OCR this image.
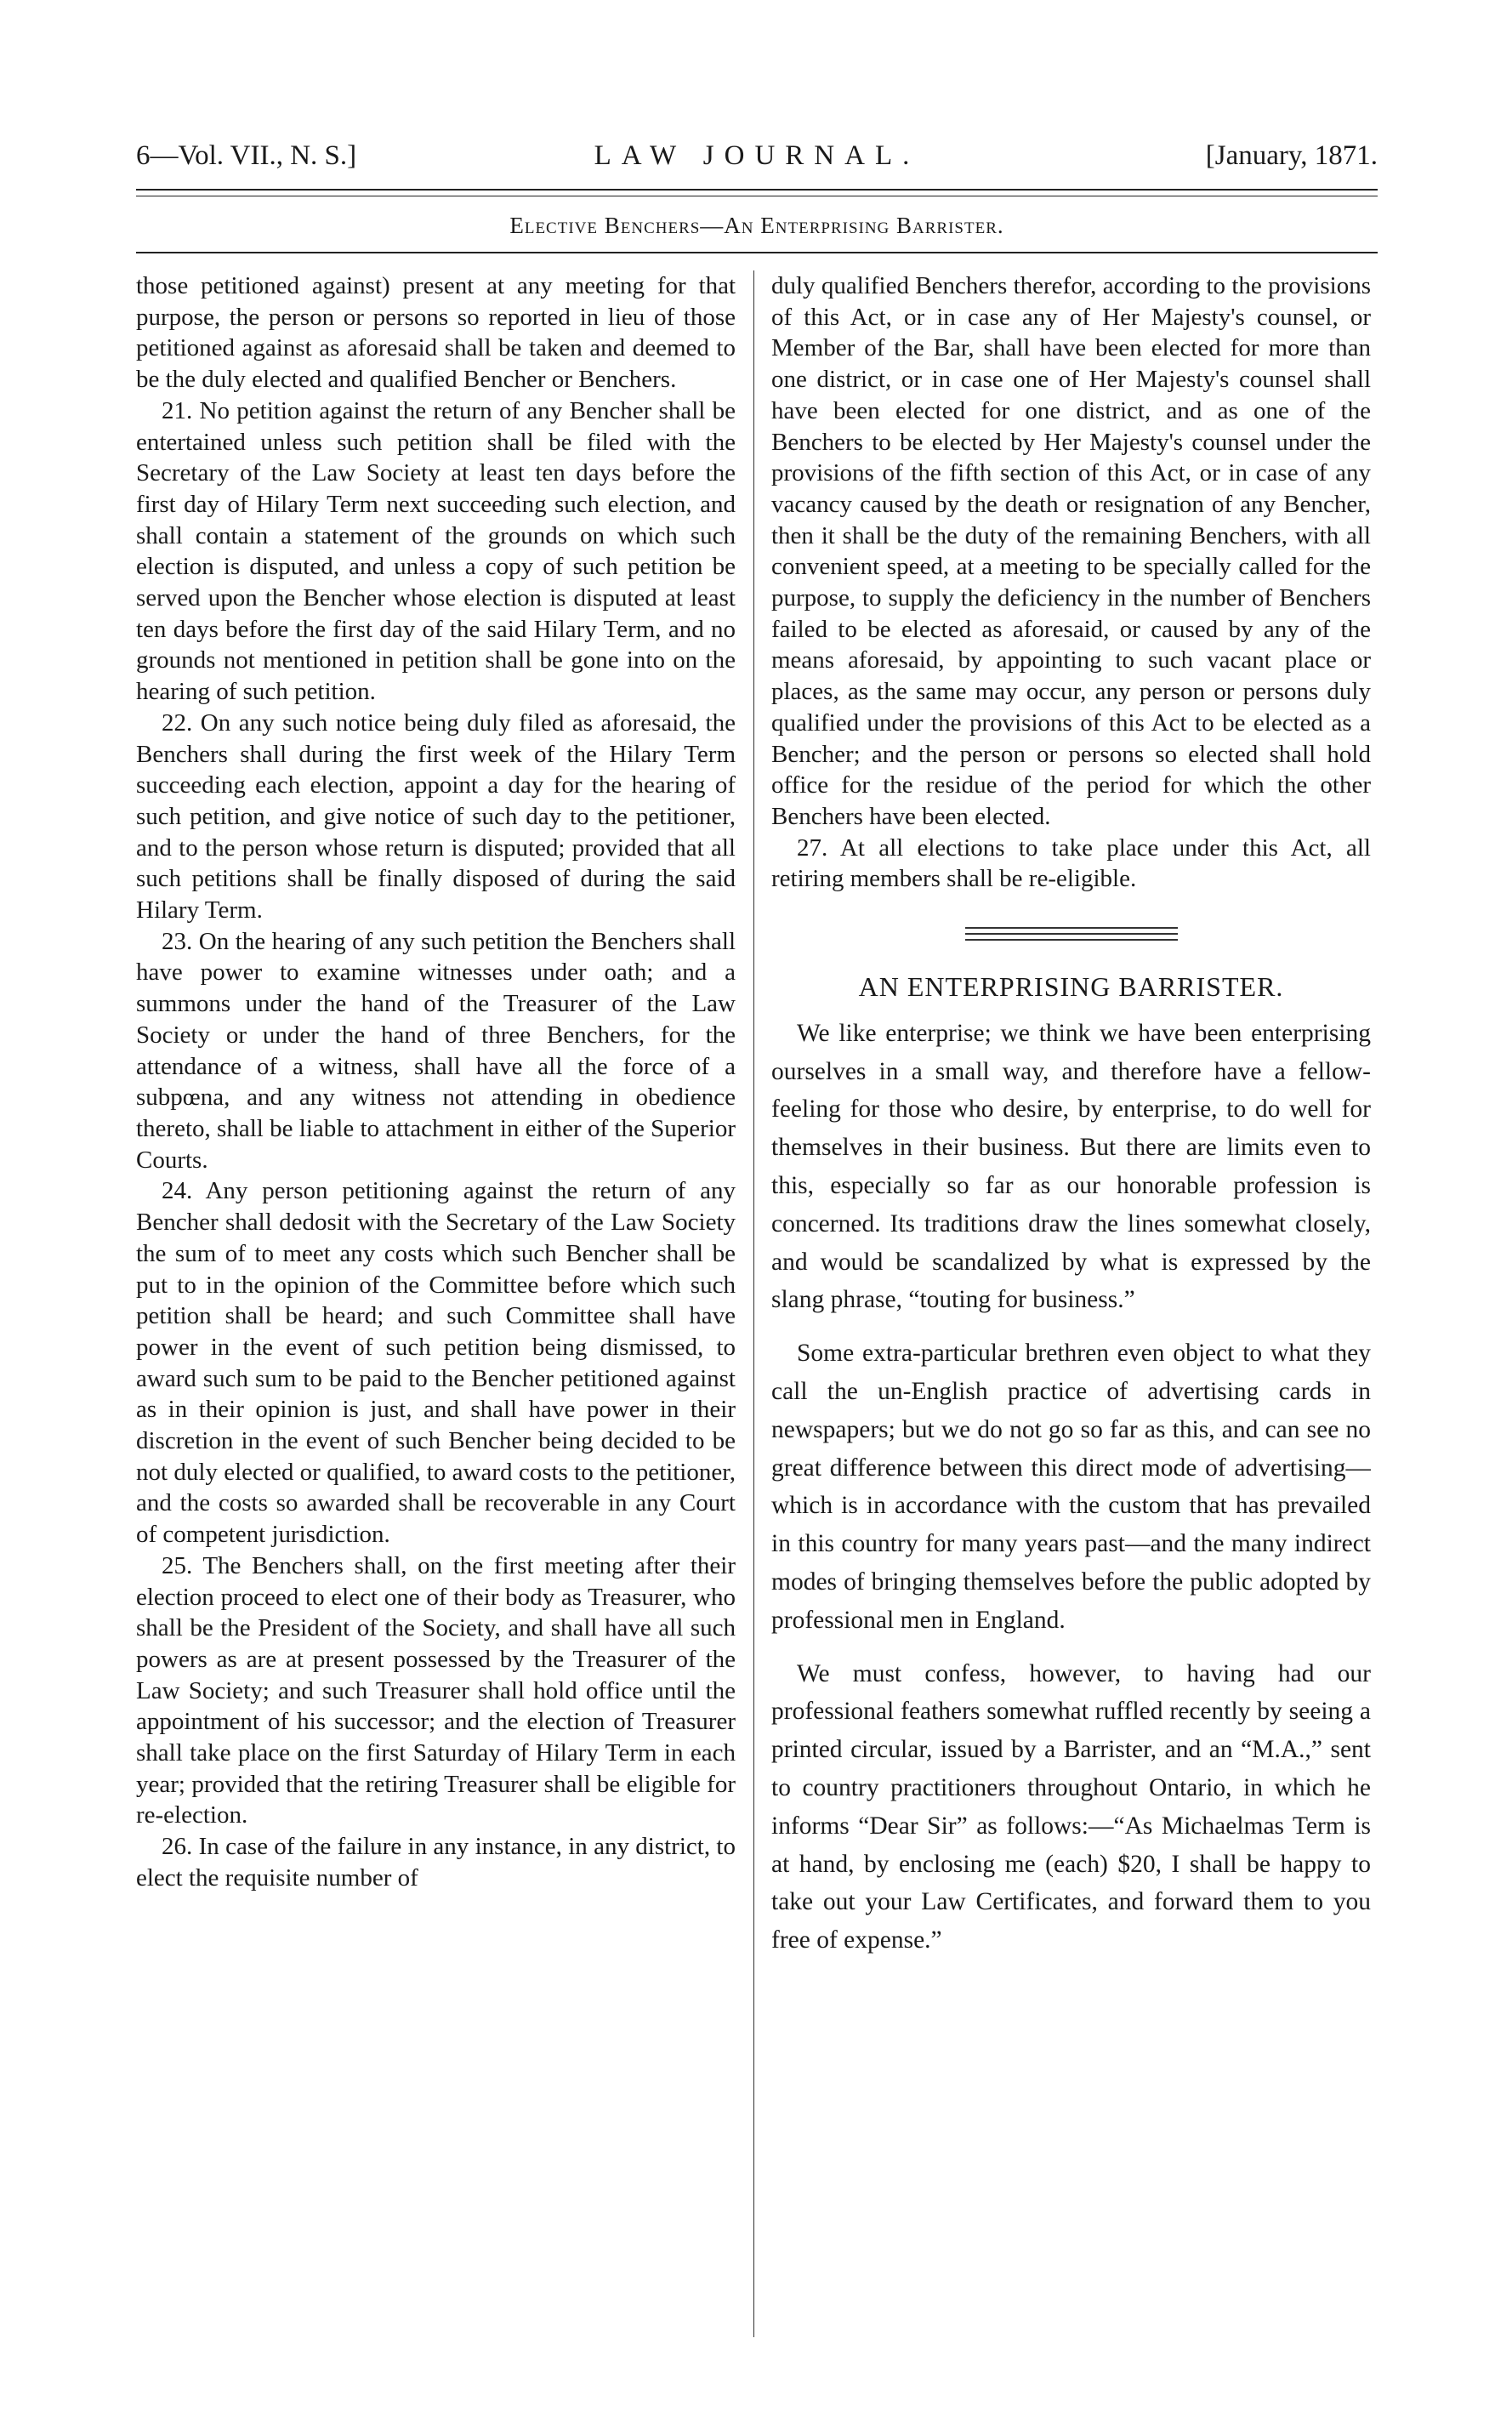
6—Vol. VII., N. S.]	LAW JOURNAL.	[January, 1871.
Elective Benchers—An Enterprising Barrister.

those petitioned against) present at any meeting for that purpose, the person or persons so reported in lieu of those petitioned against as aforesaid shall be taken and deemed to be the duly elected and qualified Bencher or Benchers.

21. No petition against the return of any Bencher shall be entertained unless such petition shall be filed with the Secretary of the Law Society at least ten days before the first day of Hilary Term next succeeding such election, and shall contain a statement of the grounds on which such election is disputed, and unless a copy of such petition be served upon the Bencher whose election is disputed at least ten days before the first day of the said Hilary Term, and no grounds not mentioned in petition shall be gone into on the hearing of such petition.

22. On any such notice being duly filed as aforesaid, the Benchers shall during the first week of the Hilary Term succeeding each election, appoint a day for the hearing of such petition, and give notice of such day to the petitioner, and to the person whose return is disputed; provided that all such petitions shall be finally disposed of during the said Hilary Term.

23. On the hearing of any such petition the Benchers shall have power to examine witnesses under oath; and a summons under the hand of the Treasurer of the Law Society or under the hand of three Benchers, for the attendance of a witness, shall have all the force of a subpœna, and any witness not attending in obedience thereto, shall be liable to attachment in either of the Superior Courts.

24. Any person petitioning against the return of any Bencher shall dedosit with the Secretary of the Law Society the sum of to meet any costs which such Bencher shall be put to in the opinion of the Committee before which such petition shall be heard; and such Committee shall have power in the event of such petition being dismissed, to award such sum to be paid to the Bencher petitioned against as in their opinion is just, and shall have power in their discretion in the event of such Bencher being decided to be not duly elected or qualified, to award costs to the petitioner, and the costs so awarded shall be recoverable in any Court of competent jurisdiction.

25. The Benchers shall, on the first meeting after their election proceed to elect one of their body as Treasurer, who shall be the President of the Society, and shall have all such powers as are at present possessed by the Treasurer of the Law Society; and such Treasurer shall hold office until the appointment of his successor; and the election of Treasurer shall take place on the first Saturday of Hilary Term in each year; provided that the retiring Treasurer shall be eligible for re-election.

26. In case of the failure in any instance, in any district, to elect the requisite number of

duly qualified Benchers therefor, according to the provisions of this Act, or in case any of Her Majesty's counsel, or Member of the Bar, shall have been elected for more than one district, or in case one of Her Majesty's counsel shall have been elected for one district, and as one of the Benchers to be elected by Her Majesty's counsel under the provisions of the fifth section of this Act, or in case of any vacancy caused by the death or resignation of any Bencher, then it shall be the duty of the remaining Benchers, with all convenient speed, at a meeting to be specially called for the purpose, to supply the deficiency in the number of Benchers failed to be elected as aforesaid, or caused by any of the means aforesaid, by appointing to such vacant place or places, as the same may occur, any person or persons duly qualified under the provisions of this Act to be elected as a Bencher; and the person or persons so elected shall hold office for the residue of the period for which the other Benchers have been elected.

27. At all elections to take place under this Act, all retiring members shall be re-eligible.

AN ENTERPRISING BARRISTER.

We like enterprise; we think we have been enterprising ourselves in a small way, and therefore have a fellow-feeling for those who desire, by enterprise, to do well for themselves in their business. But there are limits even to this, especially so far as our honorable profession is concerned. Its traditions draw the lines somewhat closely, and would be scandalized by what is expressed by the slang phrase, “touting for business.”

Some extra-particular brethren even object to what they call the un-English practice of advertising cards in newspapers; but we do not go so far as this, and can see no great difference between this direct mode of advertising—which is in accordance with the custom that has prevailed in this country for many years past—and the many indirect modes of bringing themselves before the public adopted by professional men in England.

We must confess, however, to having had our professional feathers somewhat ruffled recently by seeing a printed circular, issued by a Barrister, and an “M.A.,” sent to country practitioners throughout Ontario, in which he informs “Dear Sir” as follows:—“As Michaelmas Term is at hand, by enclosing me (each) $20, I shall be happy to take out your Law Certificates, and forward them to you free of expense.”
